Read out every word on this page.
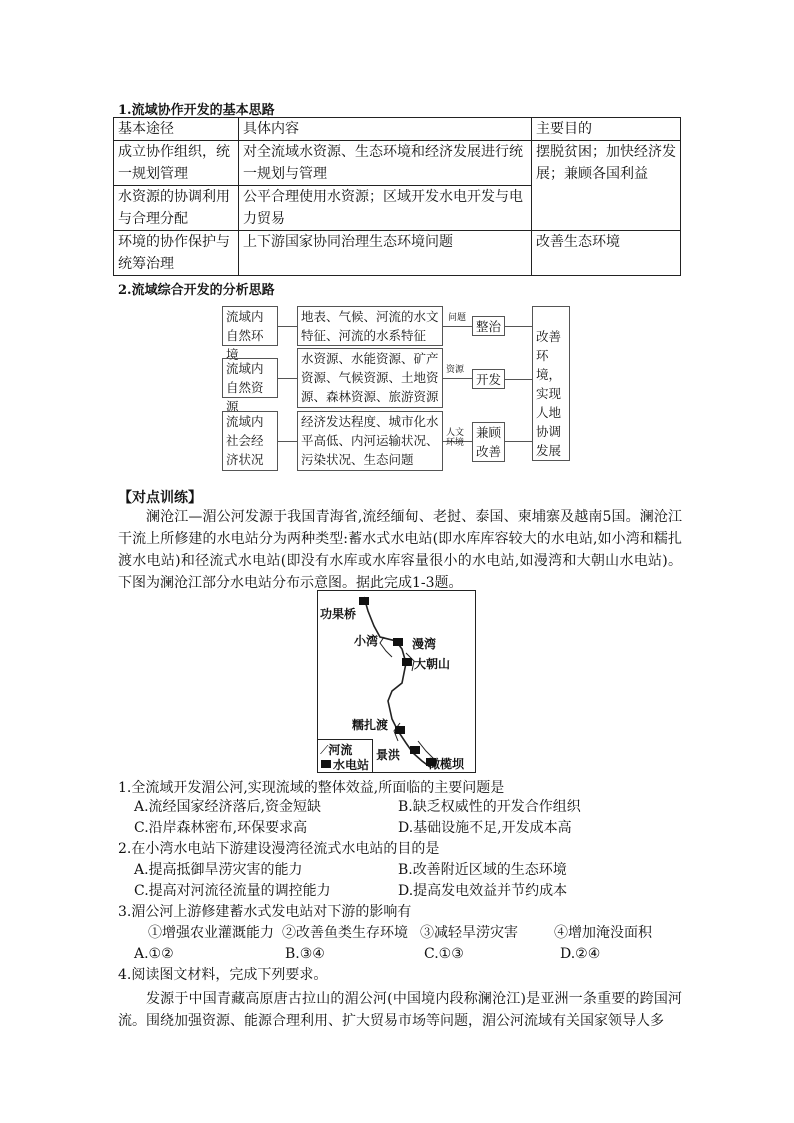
1.流域协作开发的基本思路
基本途径	具体内容	主要目的
成立协作组织，统一规划管理	对全流域水资源、生态环境和经济发展进行统一规划与管理	摆脱贫困；加快经济发展；兼顾各国利益
水资源的协调利用与合理分配	公平合理使用水资源；区域开发水电开发与电力贸易	
环境的协作保护与统筹治理	上下游国家协同治理生态环境问题	改善生态环境
2.流域综合开发的分析思路
流域内自然环境
流域内自然资源
流域内社会经济状况
地表、气候、河流的水文特征、河流的水系特征
水资源、水能资源、矿产资源、气候资源、土地资源、森林资源、旅游资源
经济发达程度、城市化水平高低、内河运输状况、污染状况、生态问题
问题
资源
人文环境
整治
开发
兼顾改善
改善环境，实现人地协调发展
【对点训练】
澜沧江—湄公河发源于我国青海省,流经缅甸、老挝、泰国、柬埔寨及越南5国。澜沧江干流上所修建的水电站分为两种类型:蓄水式水电站(即水库库容较大的水电站,如小湾和糯扎渡水电站)和径流式水电站(即没有水库或水库容量很小的水电站,如漫湾和大朝山水电站)。下图为澜沧江部分水电站分布示意图。据此完成1-3题。
功果桥
小湾	漫湾
大朝山
糯扎渡
景洪
橄榄坝
⟋河流
水电站
1.全流域开发湄公河,实现流域的整体效益,所面临的主要问题是
A.流经国家经济落后,资金短缺	B.缺乏权威性的开发合作组织
C.沿岸森林密布,环保要求高	D.基础设施不足,开发成本高
2.在小湾水电站下游建设漫湾径流式水电站的目的是
A.提高抵御旱涝灾害的能力	B.改善附近区域的生态环境
C.提高对河流径流量的调控能力	D.提高发电效益并节约成本
3.湄公河上游修建蓄水式发电站对下游的影响有
①增强农业灌溉能力 ②改善鱼类生存环境 ③减轻旱涝灾害	④增加淹没面积
A.①②	B.③④	C.①③	D.②④
4.阅读图文材料，完成下列要求。
发源于中国青藏高原唐古拉山的湄公河(中国境内段称澜沧江)是亚洲一条重要的跨国河流。围绕加强资源、能源合理利用、扩大贸易市场等问题，湄公河流域有关国家领导人多
